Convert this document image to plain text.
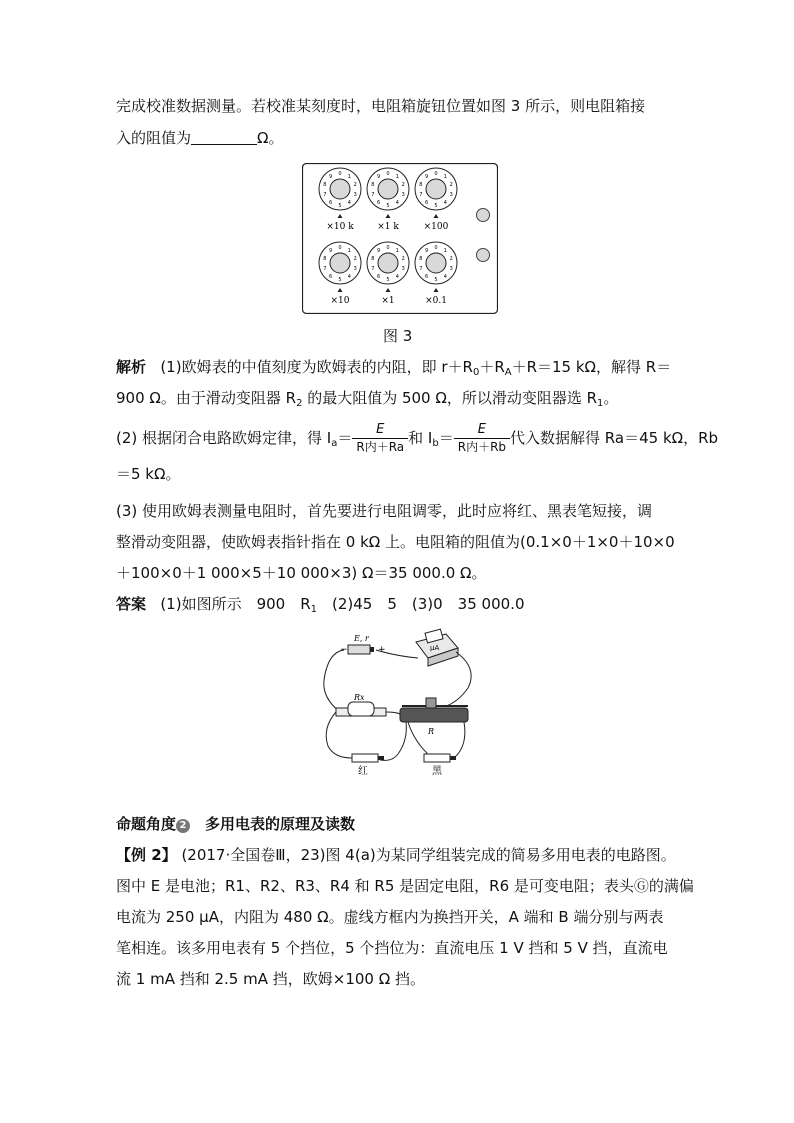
完成校准数据测量。若校准某刻度时，电阻箱旋钮位置如图 3 所示，则电阻箱接
入的阻值为	Ω。
0
1
2
3
4
5
6
7
8
9
×10 k
0
1
2
3
4
5
6
7
8
9
×1 k
0
1
2
3
4
5
6
7
8
9
×100
0
1
2
3
4
5
6
7
8
9
×10
0
1
2
3
4
5
6
7
8
9
×1
0
1
2
3
4
5
6
7
8
9
×0.1
图 3
解析 (1)欧姆表的中值刻度为欧姆表的内阻，即 $r+R_0+R_A+R=15$ kΩ，解得 R＝
900 Ω。由于滑动变阻器 $R_2$ 的最大阻值为 500 Ω，所以滑动变阻器选 $R_1$。
(2) 根据闭合电路欧姆定律，得 $I_a= \frac{E}{\text{R内＋Ra}}$ 和 $I_b= \frac{E}{\text{R内＋Rb}}$ 代入数据解得 Ra＝45 kΩ，Rb
＝5 kΩ。
(3) 使用欧姆表测量电阻时，首先要进行电阻调零，此时应将红、黑表笔短接，调
整滑动变阻器，使欧姆表指针指在 0 kΩ 上。电阻箱的阻值为(0.1×0＋1×0＋10×0
＋100×0＋1 000×5＋10 000×3) Ω＝35 000.0 Ω。
答案 (1)如图所示　900　$R_1$　(2)45　5　(3)0　35 000.0
E, r
−	+	μA
Rx
R
红	黑
命题角度 2　多用电表的原理及读数
【例 2】 (2017·全国卷Ⅲ，23)图 4(a)为某同学组装完成的简易多用电表的电路图。
图中 E 是电池；R1、R2、R3、R4 和 R5 是固定电阻，R6 是可变电阻；表头Ⓖ的满偏
电流为 250 μA，内阻为 480 Ω。虚线方框内为换挡开关，A 端和 B 端分别与两表
笔相连。该多用电表有 5 个挡位，5 个挡位为：直流电压 1 V 挡和 5 V 挡，直流电
流 1 mA 挡和 2.5 mA 挡，欧姆×100 Ω 挡。
